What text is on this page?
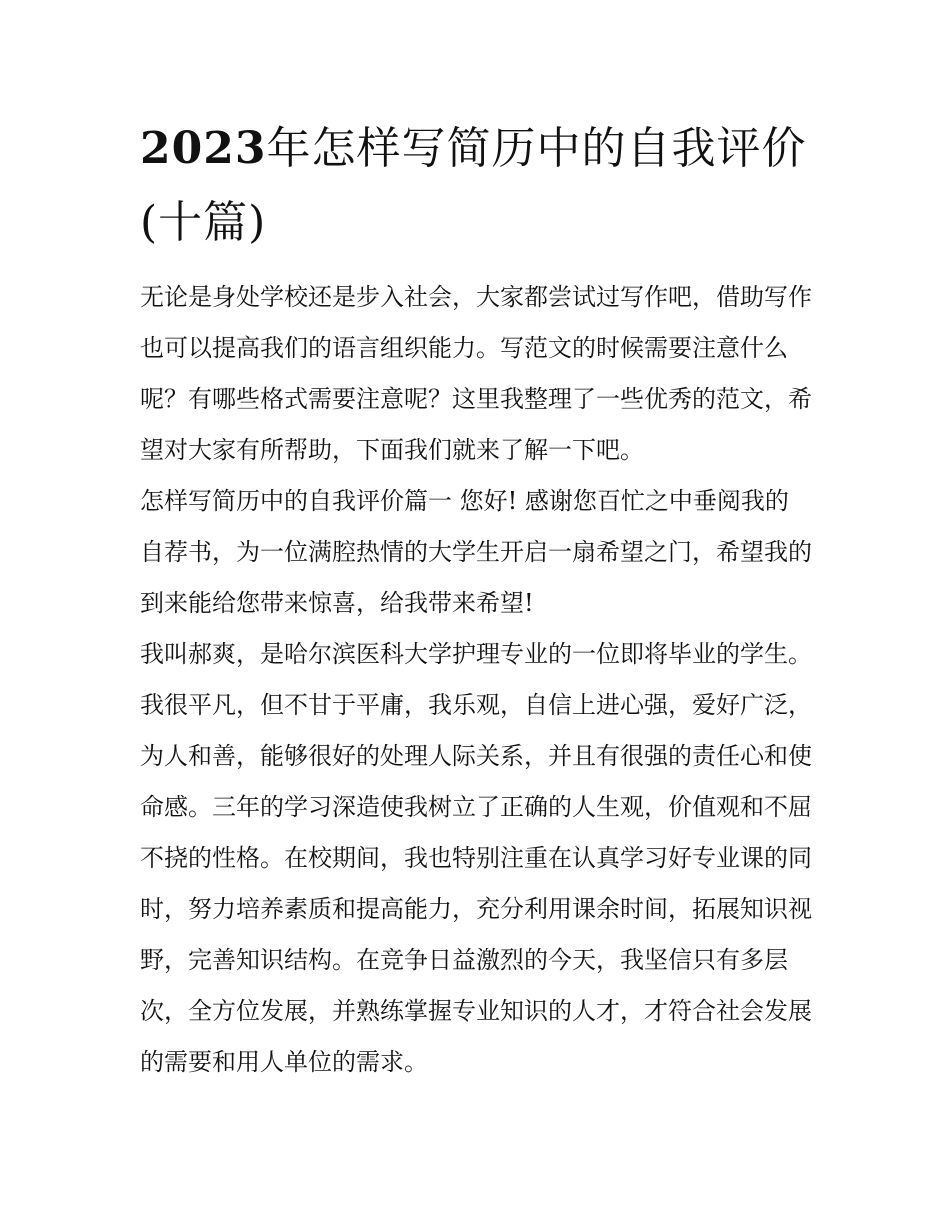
2023年怎样写简历中的自我评价(十篇)

无论是身处学校还是步入社会，大家都尝试过写作吧，借助写作也可以提高我们的语言组织能力。写范文的时候需要注意什么呢？有哪些格式需要注意呢？这里我整理了一些优秀的范文，希望对大家有所帮助，下面我们就来了解一下吧。

怎样写简历中的自我评价篇一 您好! 感谢您百忙之中垂阅我的自荐书，为一位满腔热情的大学生开启一扇希望之门，希望我的到来能给您带来惊喜，给我带来希望!

我叫郝爽，是哈尔滨医科大学护理专业的一位即将毕业的学生。我很平凡，但不甘于平庸，我乐观，自信上进心强，爱好广泛，为人和善，能够很好的处理人际关系，并且有很强的责任心和使命感。三年的学习深造使我树立了正确的人生观，价值观和不屈不挠的性格。在校期间，我也特别注重在认真学习好专业课的同时，努力培养素质和提高能力，充分利用课余时间，拓展知识视野，完善知识结构。在竞争日益激烈的今天，我坚信只有多层次，全方位发展，并熟练掌握专业知识的人才，才符合社会发展的需要和用人单位的需求。
